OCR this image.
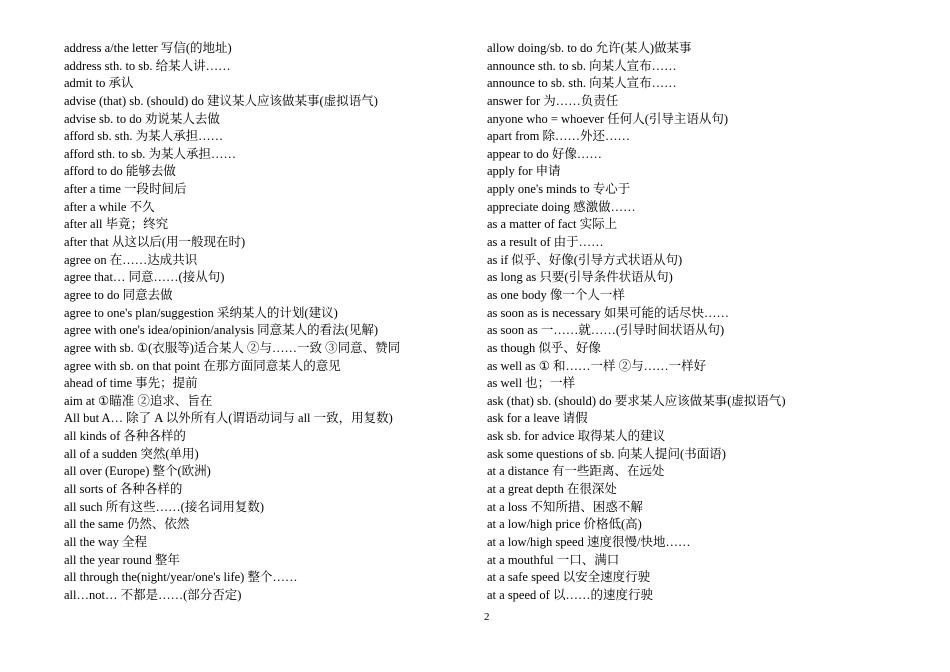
address a/the letter 写信(的地址)
address sth. to sb. 给某人讲……
admit to 承认
advise (that) sb. (should) do 建议某人应该做某事(虚拟语气)
advise sb. to do 劝说某人去做
afford sb. sth. 为某人承担……
afford sth. to sb. 为某人承担……
afford to do 能够去做
after a time 一段时间后
after a while 不久
after all 毕竟；终究
after that 从这以后(用一般现在时)
agree on 在……达成共识
agree that… 同意……(接从句)
agree to do 同意去做
agree to one's plan/suggestion 采纳某人的计划(建议)
agree with one's idea/opinion/analysis 同意某人的看法(见解)
agree with sb. ①(衣服等)适合某人 ②与……一致 ③同意、赞同
agree with sb. on that point 在那方面同意某人的意见
ahead of time 事先；提前
aim at ①瞄准 ②追求、旨在
All but A… 除了 A 以外所有人(谓语动词与 all 一致，用复数)
all kinds of 各种各样的
all of a sudden 突然(单用)
all over (Europe) 整个(欧洲)
all sorts of 各种各样的
all such 所有这些……(接名词用复数)
all the same 仍然、依然
all the way 全程
all the year round 整年
all through the(night/year/one's life) 整个……
all…not… 不都是……(部分否定)
allow doing/sb. to do 允许(某人)做某事
announce sth. to sb. 向某人宣布……
announce to sb. sth. 向某人宣布……
answer for 为……负责任
anyone who = whoever 任何人(引导主语从句)
apart from 除……外还……
appear to do 好像……
apply for 申请
apply one's minds to 专心于
appreciate doing 感激做……
as a matter of fact 实际上
as a result of 由于……
as if 似乎、好像(引导方式状语从句)
as long as 只要(引导条件状语从句)
as one body 像一个人一样
as soon as is necessary 如果可能的话尽快……
as soon as 一……就……(引导时间状语从句)
as though 似乎、好像
as well as ① 和……一样 ②与……一样好
as well 也；一样
ask (that) sb. (should) do 要求某人应该做某事(虚拟语气)
ask for a leave 请假
ask sb. for advice 取得某人的建议
ask some questions of sb. 向某人提问(书面语)
at a distance 有一些距离、在远处
at a great depth 在很深处
at a loss 不知所措、困惑不解
at a low/high price 价格低(高)
at a low/high speed 速度很慢/快地……
at a mouthful 一口、满口
at a safe speed 以安全速度行驶
at a speed of 以……的速度行驶
2
